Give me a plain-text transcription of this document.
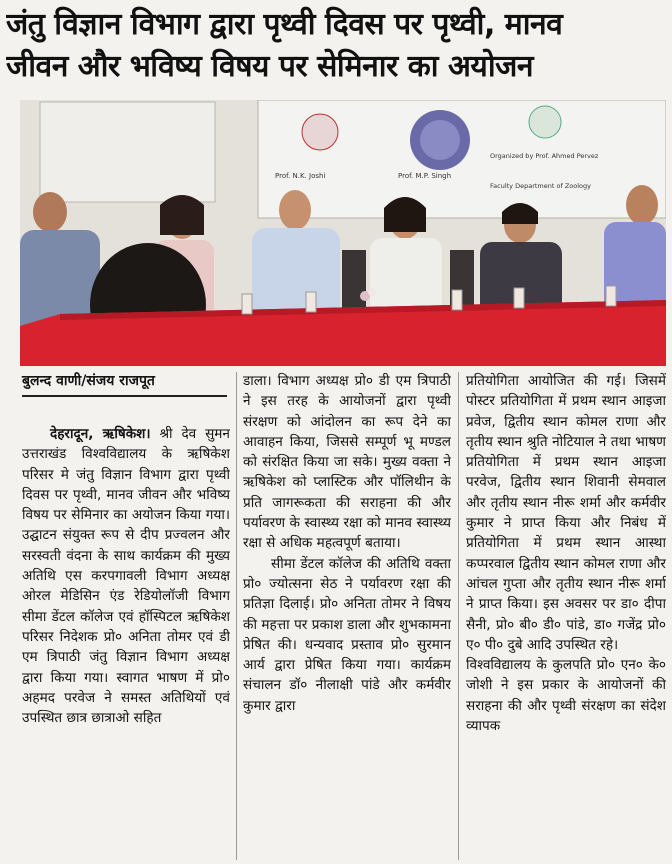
जंतु विज्ञान विभाग द्वारा पृथ्वी दिवस पर पृथ्वी, मानव
जीवन और भविष्य विषय पर सेमिनार का अयोजन
Prof. N.K. Joshi	Prof. M.P. Singh
Organized by Prof. Ahmed Pervez
Faculty Department of Zoology
बुलन्द वाणी/संजय राजपूत

देहरादून, ऋषिकेश। श्री देव सुमन उत्तराखंड विश्वविद्यालय के ऋषिकेश परिसर मे जंतु विज्ञान विभाग द्वारा पृथ्वी दिवस पर पृथ्वी, मानव जीवन और भविष्य विषय पर सेमिनार का अयोजन किया गया। उद्घाटन संयुक्त रूप से दीप प्रज्वलन और सरस्वती वंदना के साथ कार्यक्रम की मुख्य अतिथि एस करपगावली विभाग अध्यक्ष ओरल मेडिसिन एंड रेडियोलॉजी विभाग सीमा डेंटल कॉलेज एवं हॉस्पिटल ऋषिकेश परिसर निदेशक प्रो० अनिता तोमर एवं डी एम त्रिपाठी जंतु विज्ञान विभाग अध्यक्ष द्वारा किया गया। स्वागत भाषण में प्रो० अहमद परवेज ने समस्त अतिथियों एवं उपस्थित छात्र छात्राओ सहित

डाला। विभाग अध्यक्ष प्रो० डी एम त्रिपाठी ने इस तरह के आयोजनों द्वारा पृथ्वी संरक्षण को आंदोलन का रूप देने का आवाहन किया, जिससे सम्पूर्ण भू मण्डल को संरक्षित किया जा सके। मुख्य वक्ता ने ऋषिकेश को प्लास्टिक और पॉलिथीन के प्रति जागरूकता की सराहना की और पर्यावरण के स्वास्थ्य रक्षा को मानव स्वास्थ्य रक्षा से अधिक महत्वपूर्ण बताया।

सीमा डेंटल कॉलेज की अतिथि वक्ता प्रो० ज्योत्सना सेठ ने पर्यावरण रक्षा की प्रतिज्ञा दिलाई। प्रो० अनिता तोमर ने विषय की महत्ता पर प्रकाश डाला और शुभकामना प्रेषित की। धन्यवाद प्रस्ताव प्रो० सुरमान आर्य द्वारा प्रेषित किया गया। कार्यक्रम संचालन डॉ० नीलाक्षी पांडे और कर्मवीर कुमार द्वारा

प्रतियोगिता आयोजित की गई। जिसमें पोस्टर प्रतियोगिता में प्रथम स्थान आइजा प्रवेज, द्वितीय स्थान कोमल राणा और तृतीय स्थान श्रुति नोटियाल ने तथा भाषण प्रतियोगिता में प्रथम स्थान आइजा परवेज, द्वितीय स्थान शिवानी सेमवाल और तृतीय स्थान नीरू शर्मा और कर्मवीर कुमार ने प्राप्त किया और निबंध में प्रतियोगिता में प्रथम स्थान आस्था कप्परवाल द्वितीय स्थान कोमल राणा और आंचल गुप्ता और तृतीय स्थान नीरू शर्मा ने प्राप्त किया। इस अवसर पर डा० दीपा सैनी, प्रो० बी० डी० पांडे, डा० गजेंद्र प्रो० ए० पी० दुबे आदि उपस्थित रहे।

विश्वविद्यालय के कुलपति प्रो० एन० के० जोशी ने इस प्रकार के आयोजनों की सराहना की और पृथ्वी संरक्षण का संदेश व्यापक
